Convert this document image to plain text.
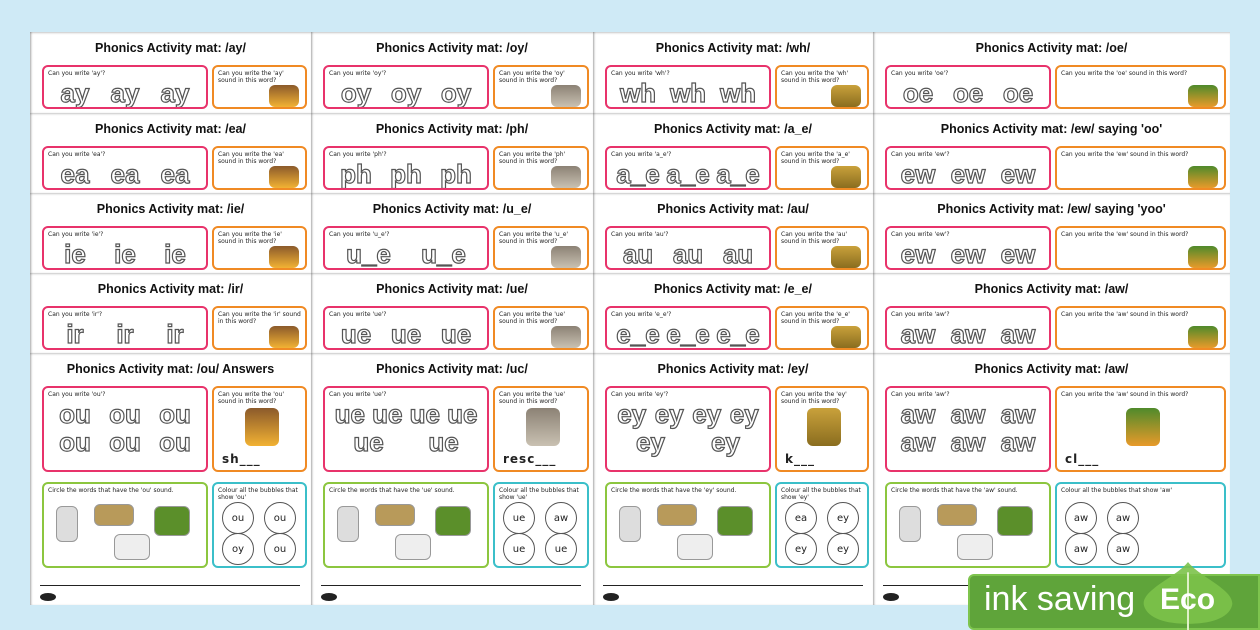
Phonics Activity mat: /ay/
Can you write 'ay'?
ay ay ay
Can you write the 'ay' sound in this word?
Phonics Activity mat: /oy/
Can you write 'oy'?
oy oy oy
Can you write the 'oy' sound in this word?
Phonics Activity mat: /wh/
Can you write 'wh'?
wh wh wh
Can you write the 'wh' sound in this word?
Phonics Activity mat: /oe/
Can you write 'oe'?
oe oe oe
Can you write the 'oe' sound in this word?
Phonics Activity mat: /ea/
Can you write 'ea'?
ea ea ea
Can you write the 'ea' sound in this word?
Phonics Activity mat: /ph/
Can you write 'ph'?
ph ph ph
Can you write the 'ph' sound in this word?
Phonics Activity mat: /a_e/
Can you write 'a_e'?
a_e a_e a_e
Can you write the 'a_e' sound in this word?
Phonics Activity mat: /ew/ saying 'oo'
Can you write 'ew'?
ew ew ew
Can you write the 'ew' sound in this word?
Phonics Activity mat: /ie/
Can you write 'ie'?
ie ie ie
Can you write the 'ie' sound in this word?
Phonics Activity mat: /u_e/
Can you write 'u_e'?
u_e u_e
Can you write the 'u_e' sound in this word?
Phonics Activity mat: /au/
Can you write 'au'?
au au au
Can you write the 'au' sound in this word?
Phonics Activity mat: /ew/ saying 'yoo'
Can you write 'ew'?
ew ew ew
Can you write the 'ew' sound in this word?
Phonics Activity mat: /ir/
Can you write 'ir'?
ir ir ir
Can you write the 'ir' sound in this word?
Phonics Activity mat: /ue/
Can you write 'ue'?
ue ue ue
Can you write the 'ue' sound in this word?
Phonics Activity mat: /e_e/
Can you write 'e_e'?
e_e e_e e_e
Can you write the 'e_e' sound in this word?
Phonics Activity mat: /aw/
Can you write 'aw'?
aw aw aw
Can you write the 'aw' sound in this word?
Phonics Activity mat: /ou/ Answers
Can you write 'ou'?
ou ou ou
ou ou ou
Can you write the 'ou' sound in this word?
sh___
Circle the words that have the 'ou' sound.	Colour all the bubbles that show 'ou'
ou	ou
oy	ou
Phonics Activity mat: /uc/
Can you write 'ue'?
ue ue ue ue
ue ue
Can you write the 'ue' sound in this word?
resc___
Circle the words that have the 'ue' sound.	Colour all the bubbles that show 'ue'
ue	aw
ue	ue
Phonics Activity mat: /ey/
Can you write 'ey'?
ey ey ey ey
ey ey
Can you write the 'ey' sound in this word?
k___
Circle the words that have the 'ey' sound.	Colour all the bubbles that show 'ey'
ea	ey
ey	ey
Phonics Activity mat: /aw/
Can you write 'aw'?
aw aw aw
aw aw aw
Can you write the 'aw' sound in this word?
cl___
Circle the words that have the 'aw' sound.	Colour all the bubbles that show 'aw'
aw	aw
aw	aw
ink saving Eco
